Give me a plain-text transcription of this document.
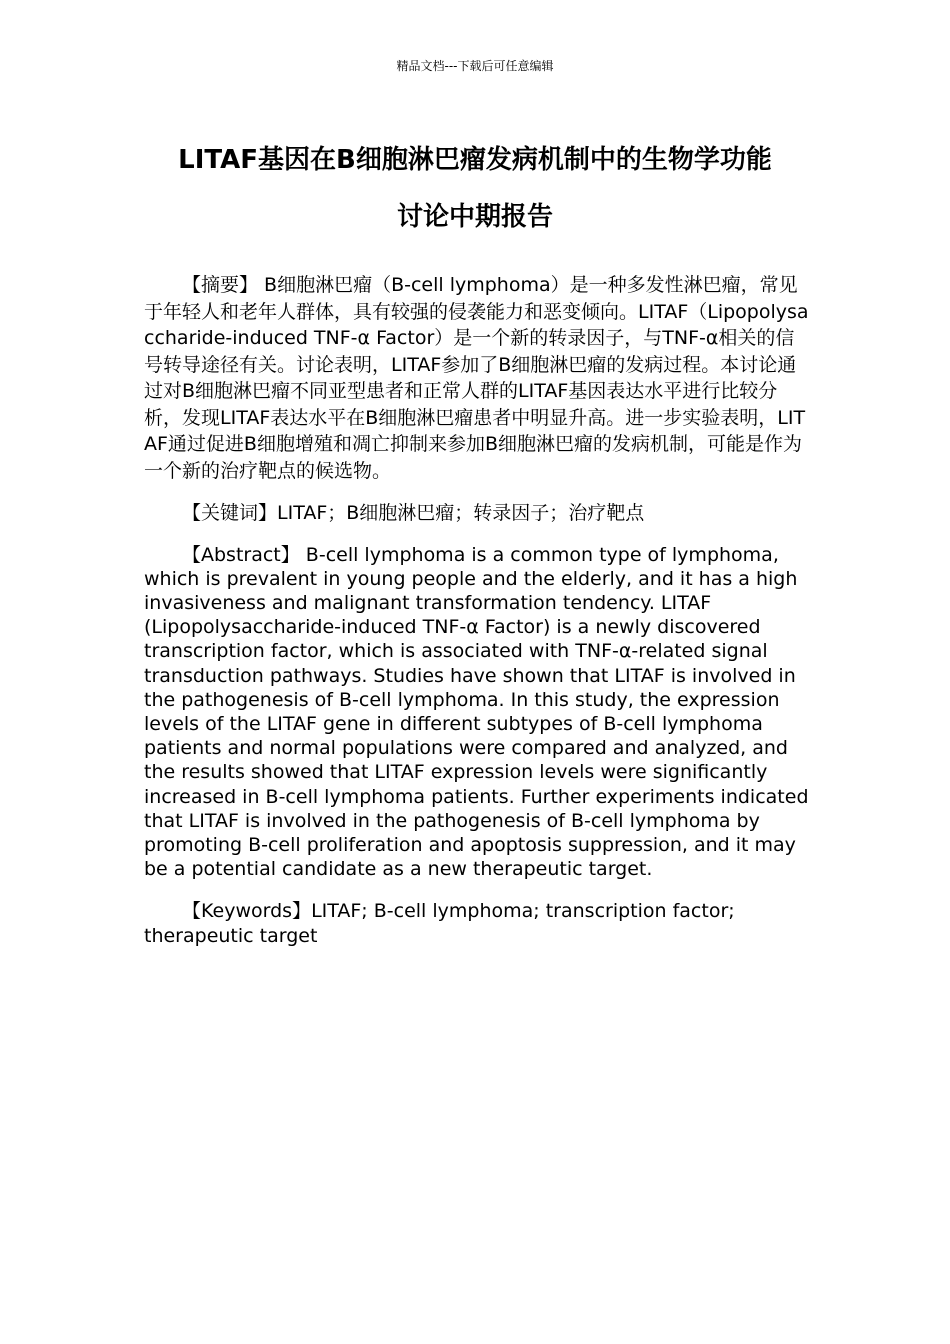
精品文档---下载后可任意编辑
LITAF基因在B细胞淋巴瘤发病机制中的生物学功能
讨论中期报告

【摘要】 B细胞淋巴瘤（B-cell lymphoma）是一种多发性淋巴瘤，常见于年轻人和老年人群体，具有较强的侵袭能力和恶变倾向。LITAF（Lipopolysaccharide-induced TNF-α Factor）是一个新的转录因子，与TNF-α相关的信号转导途径有关。讨论表明，LITAF参加了B细胞淋巴瘤的发病过程。本讨论通过对B细胞淋巴瘤不同亚型患者和正常人群的LITAF基因表达水平进行比较分析，发现LITAF表达水平在B细胞淋巴瘤患者中明显升高。进一步实验表明，LITAF通过促进B细胞增殖和凋亡抑制来参加B细胞淋巴瘤的发病机制，可能是作为一个新的治疗靶点的候选物。

【关键词】LITAF；B细胞淋巴瘤；转录因子；治疗靶点

【Abstract】 B-cell lymphoma is a common type of lymphoma, which is prevalent in young people and the elderly, and it has a high invasiveness and malignant transformation tendency. LITAF (Lipopolysaccharide-induced TNF-α Factor) is a newly discovered transcription factor, which is associated with TNF-α-related signal transduction pathways. Studies have shown that LITAF is involved in the pathogenesis of B-cell lymphoma. In this study, the expression levels of the LITAF gene in different subtypes of B-cell lymphoma patients and normal populations were compared and analyzed, and the results showed that LITAF expression levels were significantly increased in B-cell lymphoma patients. Further experiments indicated that LITAF is involved in the pathogenesis of B-cell lymphoma by promoting B-cell proliferation and apoptosis suppression, and it may be a potential candidate as a new therapeutic target.

【Keywords】LITAF; B-cell lymphoma; transcription factor; therapeutic target
